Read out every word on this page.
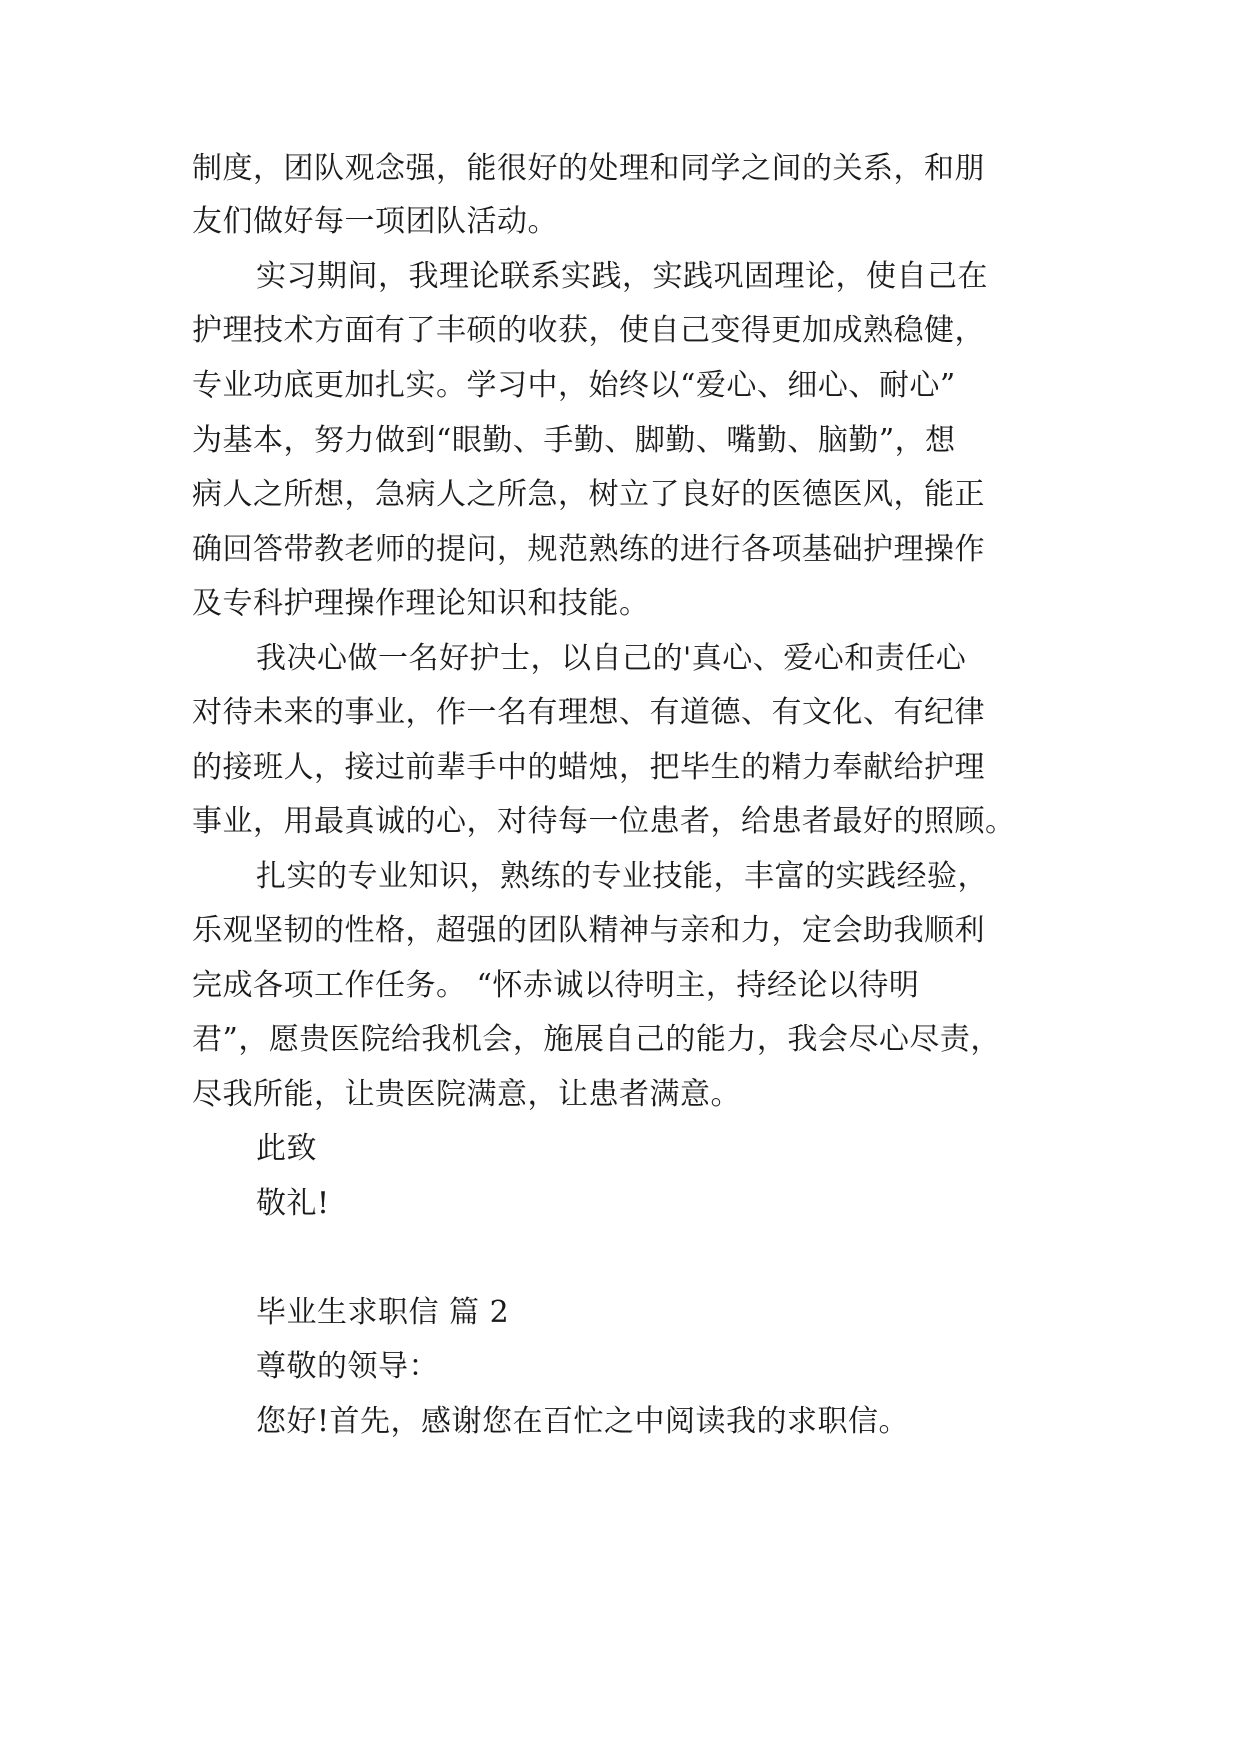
制度，团队观念强，能很好的处理和同学之间的关系，和朋
友们做好每一项团队活动。
实习期间，我理论联系实践，实践巩固理论，使自己在
护理技术方面有了丰硕的收获，使自己变得更加成熟稳健，
专业功底更加扎实。学习中，始终以“爱心、细心、耐心”
为基本，努力做到“眼勤、手勤、脚勤、嘴勤、脑勤”，想
病人之所想，急病人之所急，树立了良好的医德医风，能正
确回答带教老师的提问，规范熟练的进行各项基础护理操作
及专科护理操作理论知识和技能。
我决心做一名好护士，以自己的'真心、爱心和责任心
对待未来的事业，作一名有理想、有道德、有文化、有纪律
的接班人，接过前辈手中的蜡烛，把毕生的精力奉献给护理
事业，用最真诚的心，对待每一位患者，给患者最好的照顾。
扎实的专业知识，熟练的专业技能，丰富的实践经验，
乐观坚韧的性格，超强的团队精神与亲和力，定会助我顺利
完成各项工作任务。 “怀赤诚以待明主，持经论以待明
君”，愿贵医院给我机会，施展自己的能力，我会尽心尽责，
尽我所能，让贵医院满意，让患者满意。
此致
敬礼!
毕业生求职信 篇 2
尊敬的领导：
您好!首先，感谢您在百忙之中阅读我的求职信。
